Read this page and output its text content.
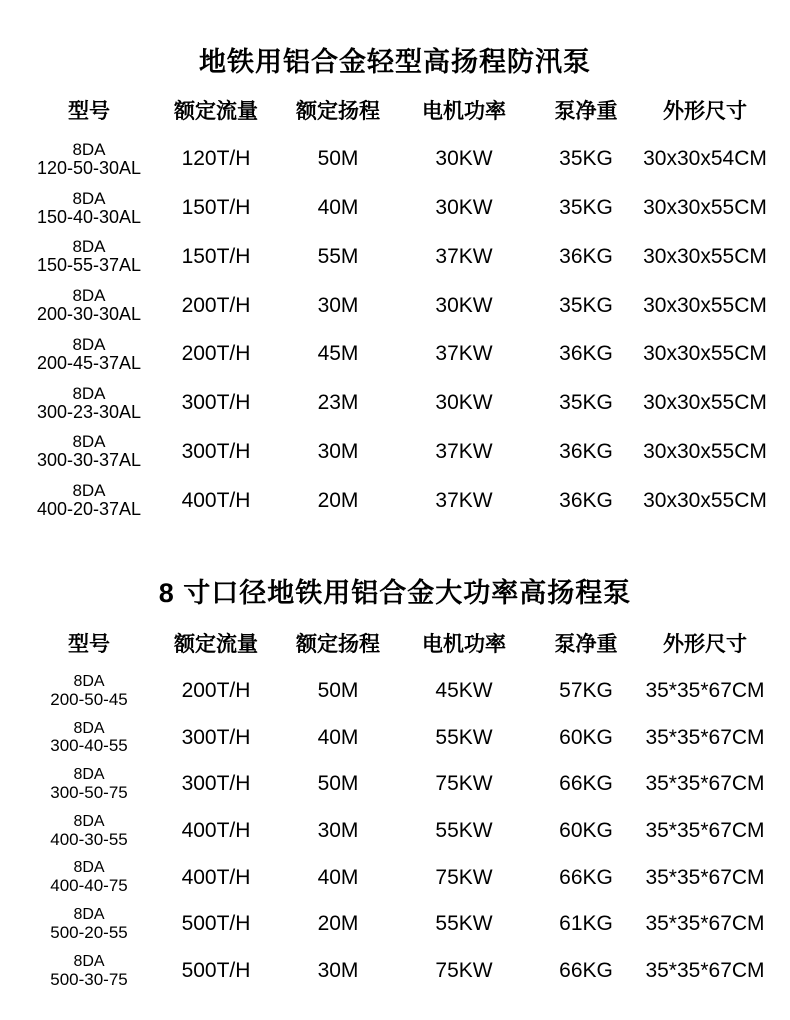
地铁用铝合金轻型高扬程防汛泵
型号	额定流量	额定扬程	电机功率	泵净重	外形尺寸

8DA
120-50-30AL	120T/H	50M	30KW	35KG	30x30x54CM

8DA
150-40-30AL	150T/H	40M	30KW	35KG	30x30x55CM

8DA
150-55-37AL	150T/H	55M	37KW	36KG	30x30x55CM

8DA
200-30-30AL	200T/H	30M	30KW	35KG	30x30x55CM

8DA
200-45-37AL	200T/H	45M	37KW	36KG	30x30x55CM

8DA
300-23-30AL	300T/H	23M	30KW	35KG	30x30x55CM

8DA
300-30-37AL	300T/H	30M	37KW	36KG	30x30x55CM

8DA
400-20-37AL	400T/H	20M	37KW	36KG	30x30x55CM
8 寸口径地铁用铝合金大功率高扬程泵
型号	额定流量	额定扬程	电机功率	泵净重	外形尺寸

8DA
200-50-45	200T/H	50M	45KW	57KG	35*35*67CM

8DA
300-40-55	300T/H	40M	55KW	60KG	35*35*67CM

8DA
300-50-75	300T/H	50M	75KW	66KG	35*35*67CM

8DA
400-30-55	400T/H	30M	55KW	60KG	35*35*67CM

8DA
400-40-75	400T/H	40M	75KW	66KG	35*35*67CM

8DA
500-20-55	500T/H	20M	55KW	61KG	35*35*67CM

8DA
500-30-75	500T/H	30M	75KW	66KG	35*35*67CM
